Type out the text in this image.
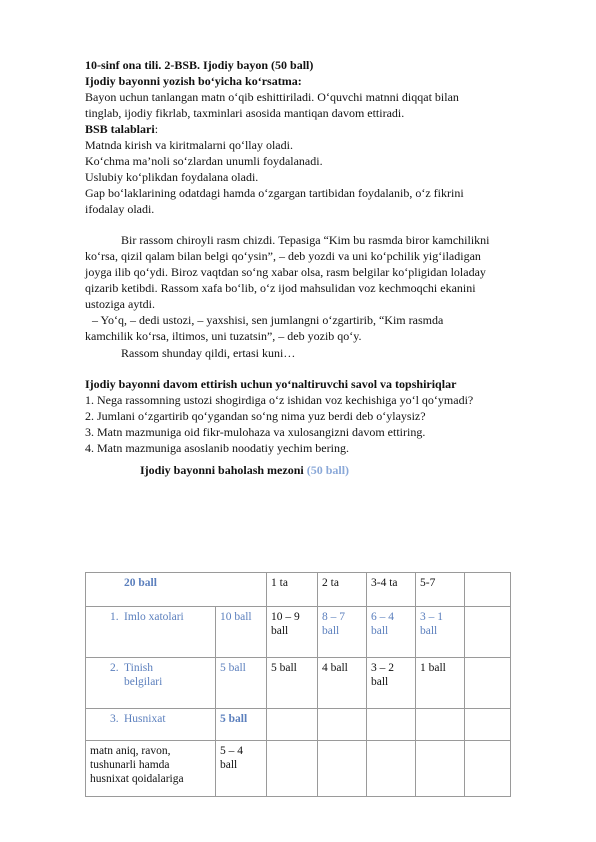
10-sinf ona tili. 2-BSB. Ijodiy bayon (50 ball)
Ijodiy bayonni yozish bo‘yicha ko‘rsatma:
Bayon uchun tanlangan matn o‘qib eshittiriladi. O‘quvchi matnni diqqat bilan
tinglab, ijodiy fikrlab, taxminlari asosida mantiqan davom ettiradi.
BSB talablari:
Matnda kirish va kiritmalarni qo‘llay oladi.
Ko‘chma ma’noli so‘zlardan unumli foydalanadi.
Uslubiy ko‘plikdan foydalana oladi.
Gap bo‘laklarining odatdagi hamda o‘zgargan tartibidan foydalanib, o‘z fikrini
ifodalay oladi.
Bir rassom chiroyli rasm chizdi. Tepasiga “Kim bu rasmda biror kamchilikni
ko‘rsa, qizil qalam bilan belgi qo‘ysin”, – deb yozdi va uni ko‘pchilik yig‘iladigan
joyga ilib qo‘ydi. Biroz vaqtdan so‘ng xabar olsa, rasm belgilar ko‘pligidan loladay
qizarib ketibdi. Rassom xafa bo‘lib, o‘z ijod mahsulidan voz kechmoqchi ekanini
ustoziga aytdi.
– Yo‘q, – dedi ustozi, – yaxshisi, sen jumlangni o‘zgartirib, “Kim rasmda
kamchilik ko‘rsa, iltimos, uni tuzatsin”, – deb yozib qo‘y.
Rassom shunday qildi, ertasi kuni…
Ijodiy bayonni davom ettirish uchun yo‘naltiruvchi savol va topshiriqlar
1. Nega rassomning ustozi shogirdiga o‘z ishidan voz kechishiga yo‘l qo‘ymadi?
2. Jumlani o‘zgartirib qo‘ygandan so‘ng nima yuz berdi deb o‘ylaysiz?
3. Matn mazmuniga oid fikr-mulohaza va xulosangizni davom ettiring.
4. Matn mazmuniga asoslanib noodatiy yechim bering.
Ijodiy bayonni baholash mezoni (50 ball)
20 ball		1 ta	2 ta	3-4 ta	5-7	
1. Imlo xatolari	10 ball	10 – 9 ball	8 – 7 ball	6 – 4 ball	3 – 1 ball	

2. Tinish belgilari	5 ball	5 ball	4 ball	3 – 2 ball	1 ball	
3. Husnixat	5 ball					
matn aniq, ravon, tushunarli hamda husnixat qoidalariga	5 – 4 ball					
